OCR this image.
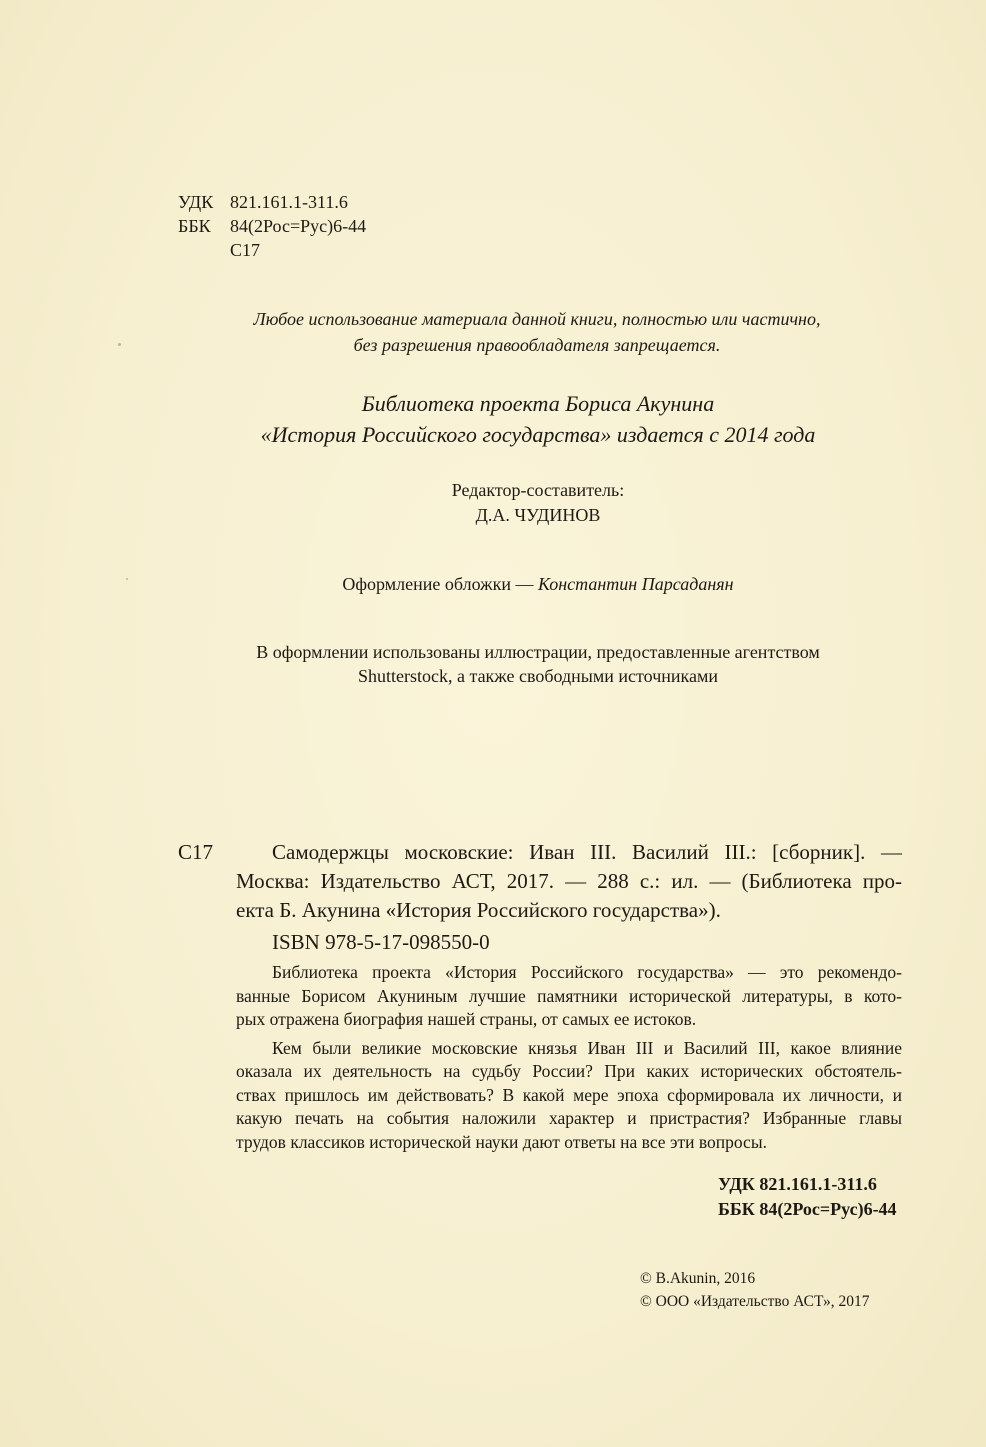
УДК 821.161.1-311.6
ББК	84(2Рос=Рус)6-44
С17
Любое использование материала данной книги, полностью или частично,
без разрешения правообладателя запрещается.
Библиотека проекта Бориса Акунина
«История Российского государства» издается с 2014 года
Редактор-составитель:
Д.А. ЧУДИНОВ
Оформление обложки — Константин Парсаданян
В оформлении использованы иллюстрации, предоставленные агентством
Shutterstock, а также свободными источниками
С17	Самодержцы московские: Иван III. Василий III.: [сборник]. —
Москва: Издательство АСТ, 2017. — 288 с.: ил. — (Библиотека про-
екта Б. Акунина «История Российского государства»).
ISBN 978-5-17-098550-0
Библиотека проекта «История Российского государства» — это рекомендо-
ванные Борисом Акуниным лучшие памятники исторической литературы, в кото-
рых отражена биография нашей страны, от самых ее истоков.
Кем были великие московские князья Иван III и Василий III, какое влияние
оказала их деятельность на судьбу России? При каких исторических обстоятель-
ствах пришлось им действовать? В какой мере эпоха сформировала их личности, и
какую печать на события наложили характер и пристрастия? Избранные главы
трудов классиков исторической науки дают ответы на все эти вопросы.
УДК 821.161.1-311.6
ББК 84(2Рос=Рус)6-44
© B.Akunin, 2016
© ООО «Издательство АСТ», 2017
